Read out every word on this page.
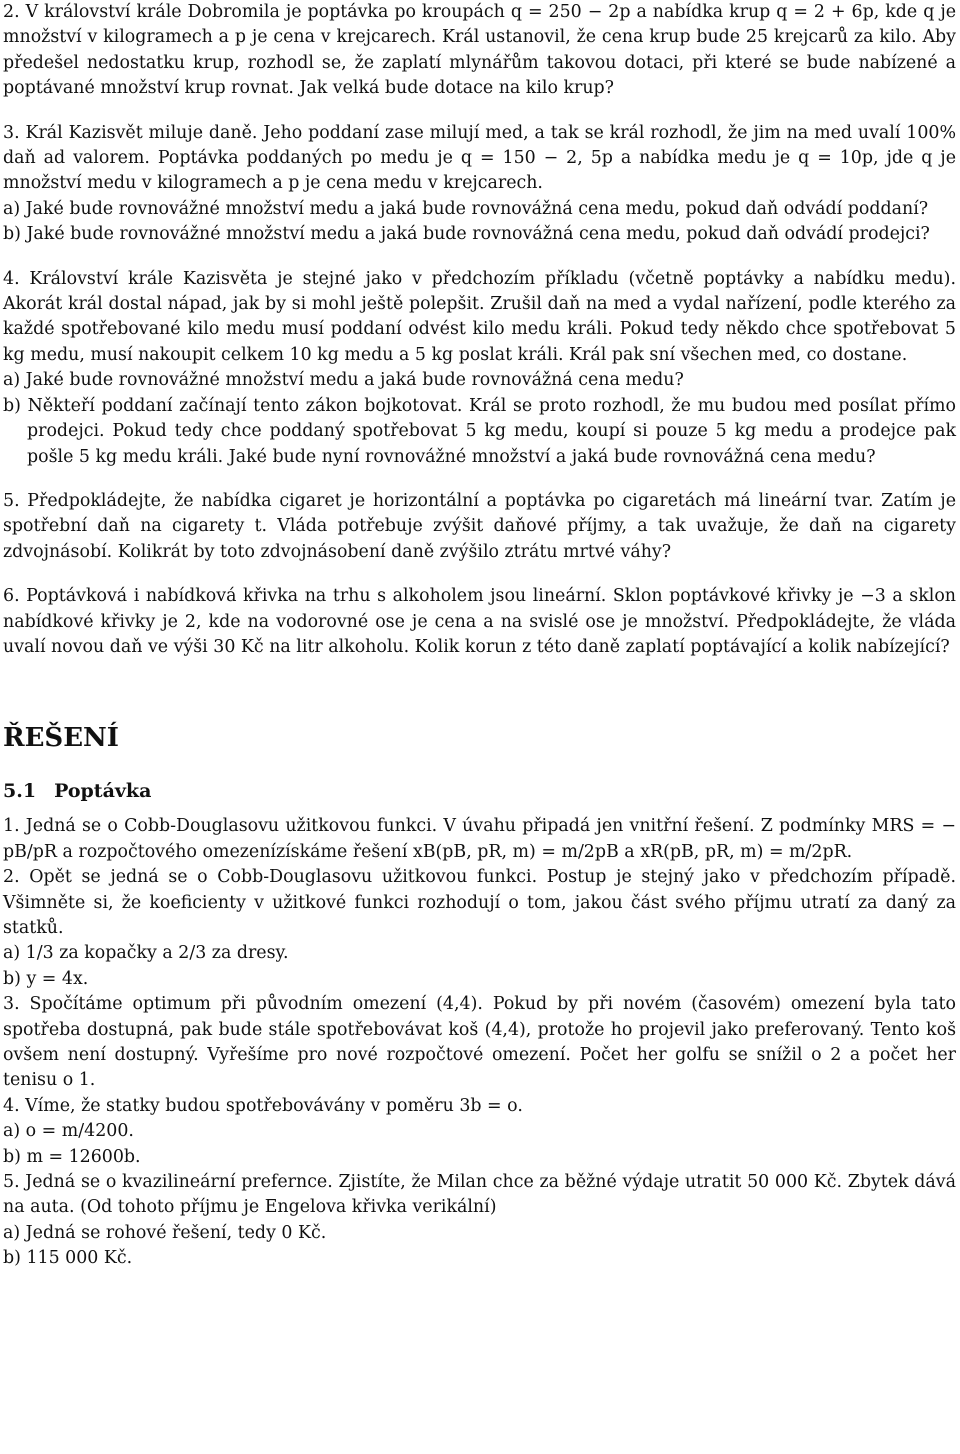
2. V království krále Dobromila je poptávka po kroupách q = 250 − 2p a nabídka krup q = 2 + 6p, kde q je množství v kilogramech a p je cena v krejcarech. Král ustanovil, že cena krup bude 25 krejcarů za kilo. Aby předešel nedostatku krup, rozhodl se, že zaplatí mlynářům takovou dotaci, při které se bude nabízené a poptávané množství krup rovnat. Jak velká bude dotace na kilo krup?

3. Král Kazisvět miluje daně. Jeho poddaní zase milují med, a tak se král rozhodl, že jim na med uvalí 100% daň ad valorem. Poptávka poddaných po medu je q = 150 − 2, 5p a nabídka medu je q = 10p, jde q je množství medu v kilogramech a p je cena medu v krejcarech.

a) Jaké bude rovnovážné množství medu a jaká bude rovnovážná cena medu, pokud daň odvádí poddaní?

b) Jaké bude rovnovážné množství medu a jaká bude rovnovážná cena medu, pokud daň odvádí prodejci?

4. Království krále Kazisvěta je stejné jako v předchozím příkladu (včetně poptávky a nabídku medu). Akorát král dostal nápad, jak by si mohl ještě polepšit. Zrušil daň na med a vydal nařízení, podle kterého za každé spotřebované kilo medu musí poddaní odvést kilo medu králi. Pokud tedy někdo chce spotřebovat 5 kg medu, musí nakoupit celkem 10 kg medu a 5 kg poslat králi. Král pak sní všechen med, co dostane.

a) Jaké bude rovnovážné množství medu a jaká bude rovnovážná cena medu?

b) Někteří poddaní začínají tento zákon bojkotovat. Král se proto rozhodl, že mu budou med posílat přímo prodejci. Pokud tedy chce poddaný spotřebovat 5 kg medu, koupí si pouze 5 kg medu a prodejce pak pošle 5 kg medu králi. Jaké bude nyní rovnovážné množství a jaká bude rovnovážná cena medu?

5. Předpokládejte, že nabídka cigaret je horizontální a poptávka po cigaretách má lineární tvar. Zatím je spotřební daň na cigarety t. Vláda potřebuje zvýšit daňové příjmy, a tak uvažuje, že daň na cigarety zdvojnásobí. Kolikrát by toto zdvojnásobení daně zvýšilo ztrátu mrtvé váhy?

6. Poptávková i nabídková křivka na trhu s alkoholem jsou lineární. Sklon poptávkové křivky je −3 a sklon nabídkové křivky je 2, kde na vodorovné ose je cena a na svislé ose je množství. Předpokládejte, že vláda uvalí novou daň ve výši 30 Kč na litr alkoholu. Kolik korun z této daně zaplatí poptávající a kolik nabízející?

ŘEŠENÍ
5.1 Poptávka

1. Jedná se o Cobb-Douglasovu užitkovou funkci. V úvahu připadá jen vnitřní řešení. Z podmínky MRS = − pB/pR a rozpočtového omezenízískáme řešení xB(pB, pR, m) = m/2pB a xR(pB, pR, m) = m/2pR.

2. Opět se jedná se o Cobb-Douglasovu užitkovou funkci. Postup je stejný jako v předchozím případě. Všimněte si, že koeficienty v užitkové funkci rozhodují o tom, jakou část svého příjmu utratí za daný za statků.

a) 1/3 za kopačky a 2/3 za dresy.

b) y = 4x.

3. Spočítáme optimum při původním omezení (4,4). Pokud by při novém (časovém) omezení byla tato spotřeba dostupná, pak bude stále spotřebovávat koš (4,4), protože ho projevil jako preferovaný. Tento koš ovšem není dostupný. Vyřešíme pro nové rozpočtové omezení. Počet her golfu se snížil o 2 a počet her tenisu o 1.

4. Víme, že statky budou spotřebovávány v poměru 3b = o.

a) o = m/4200.

b) m = 12600b.

5. Jedná se o kvazilineární prefernce. Zjistíte, že Milan chce za běžné výdaje utratit 50 000 Kč. Zbytek dává na auta. (Od tohoto příjmu je Engelova křivka verikální)

a) Jedná se rohové řešení, tedy 0 Kč.

b) 115 000 Kč.
